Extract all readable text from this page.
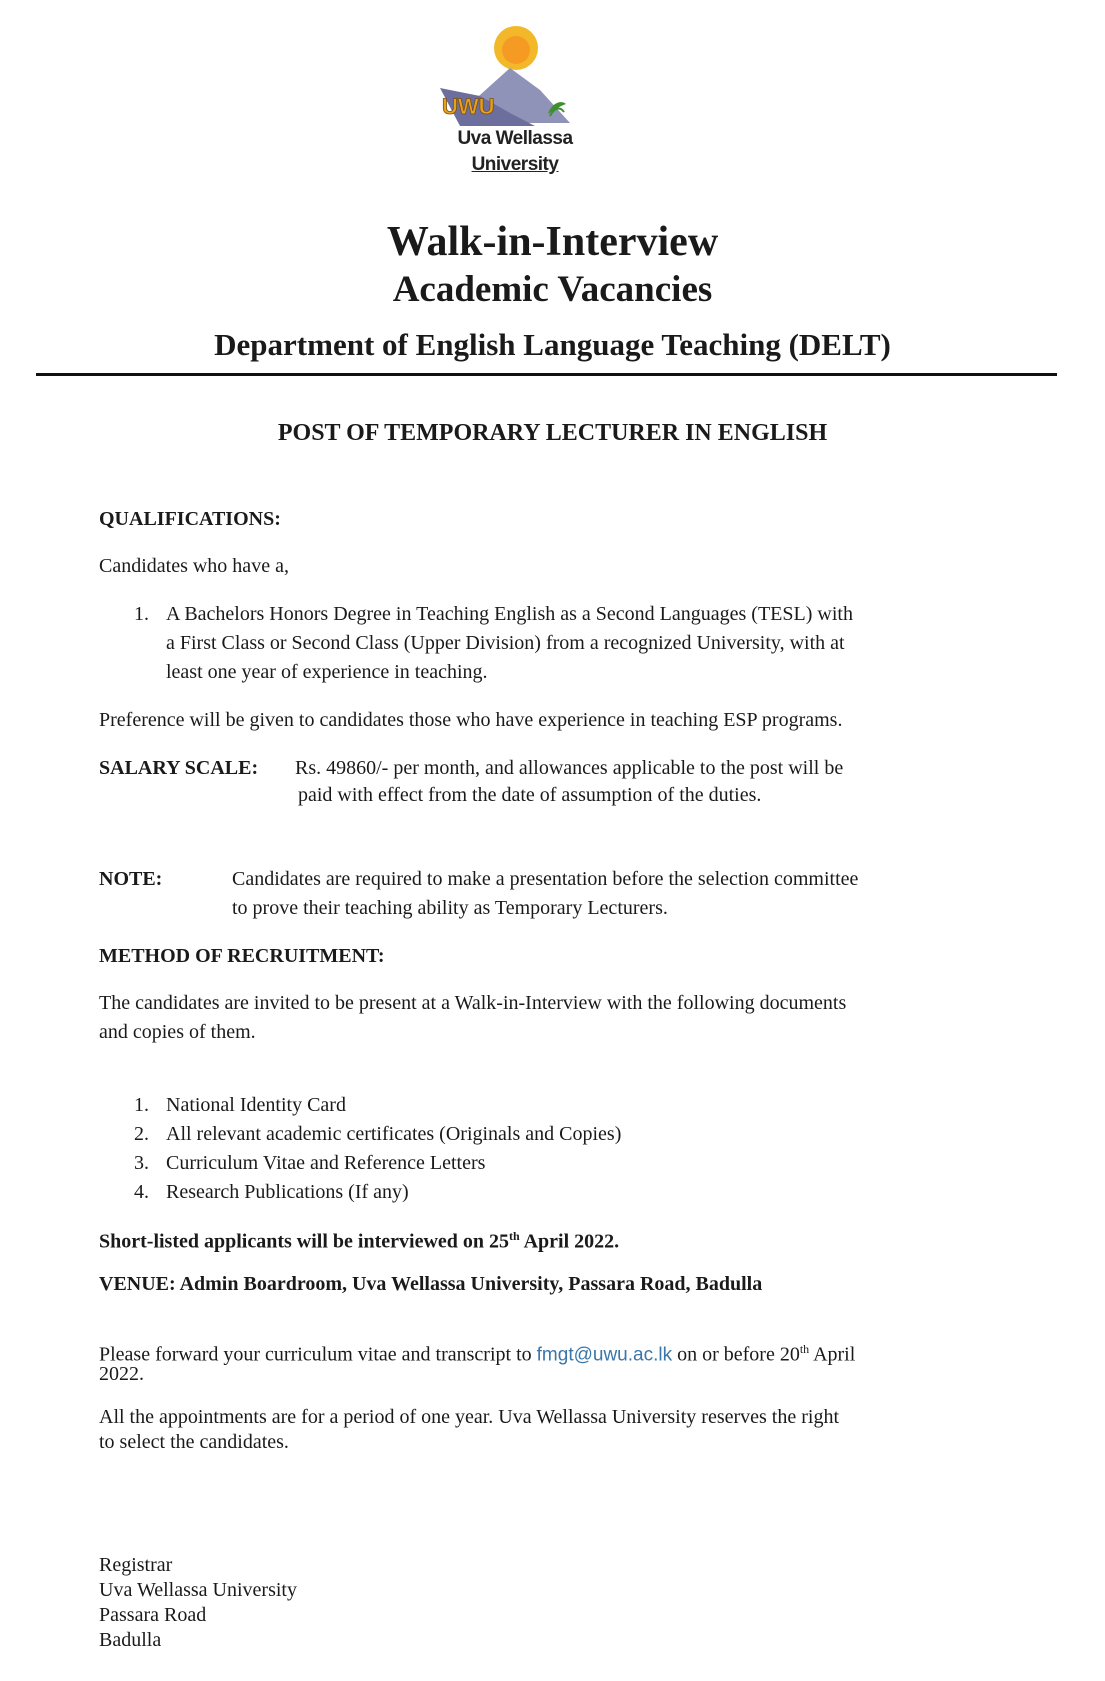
UWU
Uva Wellassa
University
Walk-in-Interview
Academic Vacancies
Department of English Language Teaching (DELT)
POST OF TEMPORARY LECTURER IN ENGLISH
QUALIFICATIONS:
Candidates who have a,
1. A Bachelors Honors Degree in Teaching English as a Second Languages (TESL) with
a First Class or Second Class (Upper Division) from a recognized University, with at
least one year of experience in teaching.
Preference will be given to candidates those who have experience in teaching ESP programs.
SALARY SCALE: Rs. 49860/- per month, and allowances applicable to the post will be
paid with effect from the date of assumption of the duties.
NOTE:	Candidates are required to make a presentation before the selection committee
to prove their teaching ability as Temporary Lecturers.
METHOD OF RECRUITMENT:
The candidates are invited to be present at a Walk-in-Interview with the following documents
and copies of them.
1. National Identity Card
2. All relevant academic certificates (Originals and Copies)
3. Curriculum Vitae and Reference Letters
4. Research Publications (If any)
Short-listed applicants will be interviewed on 25th April 2022.
VENUE: Admin Boardroom, Uva Wellassa University, Passara Road, Badulla
Please forward your curriculum vitae and transcript to fmgt@uwu.ac.lk on or before 20th April
2022.
All the appointments are for a period of one year. Uva Wellassa University reserves the right
to select the candidates.
Registrar
Uva Wellassa University
Passara Road
Badulla
